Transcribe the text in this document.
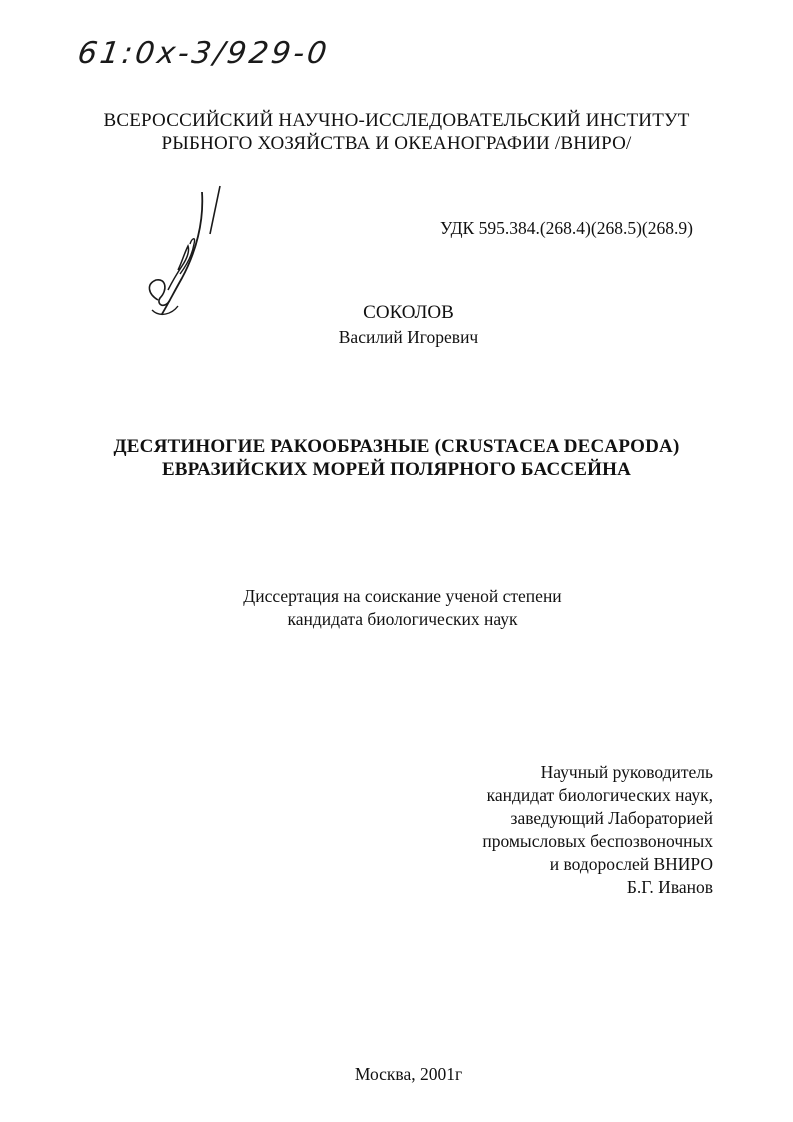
61:0х-3/929-0
ВСЕРОССИЙСКИЙ НАУЧНО-ИССЛЕДОВАТЕЛЬСКИЙ ИНСТИТУТ
РЫБНОГО ХОЗЯЙСТВА И ОКЕАНОГРАФИИ /ВНИРО/
УДК 595.384.(268.4)(268.5)(268.9)
СОКОЛОВ
Василий Игоревич
ДЕСЯТИНОГИЕ РАКООБРАЗНЫЕ (CRUSTACEA DECAPODA)
ЕВРАЗИЙСКИХ МОРЕЙ ПОЛЯРНОГО БАССЕЙНА
Диссертация на соискание ученой степени
кандидата биологических наук
Научный руководитель
кандидат биологических наук,
заведующий Лабораторией
промысловых беспозвоночных
и водорослей ВНИРО
Б.Г. Иванов
Москва, 2001г
